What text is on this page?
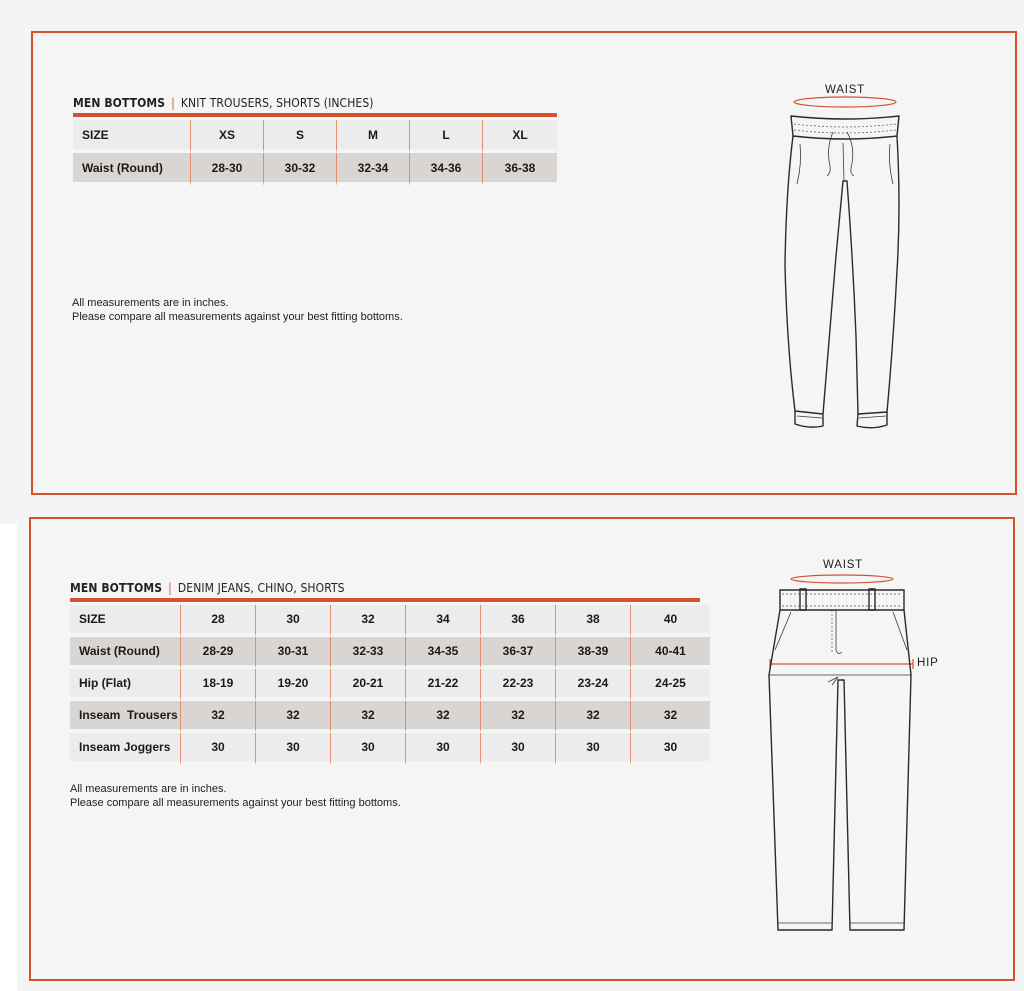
MEN BOTTOMS | KNIT TROUSERS, SHORTS (INCHES)
SIZE	XS	S	M	L	XL
Waist (Round)	28-30	30-32	32-34	34-36	36-38
All measurements are in inches.
Please compare all measurements against your best fitting bottoms.
WAIST
MEN BOTTOMS | DENIM JEANS, CHINO, SHORTS
SIZE	28	30	32	34	36	38	40
Waist (Round)	28-29	30-31	32-33	34-35	36-37	38-39	40-41
Hip (Flat)	18-19	19-20	20-21	21-22	22-23	23-24	24-25
Inseam  Trousers	32	32	32	32	32	32	32
Inseam Joggers	30	30	30	30	30	30	30
All measurements are in inches.
Please compare all measurements against your best fitting bottoms.
WAIST
HIP
